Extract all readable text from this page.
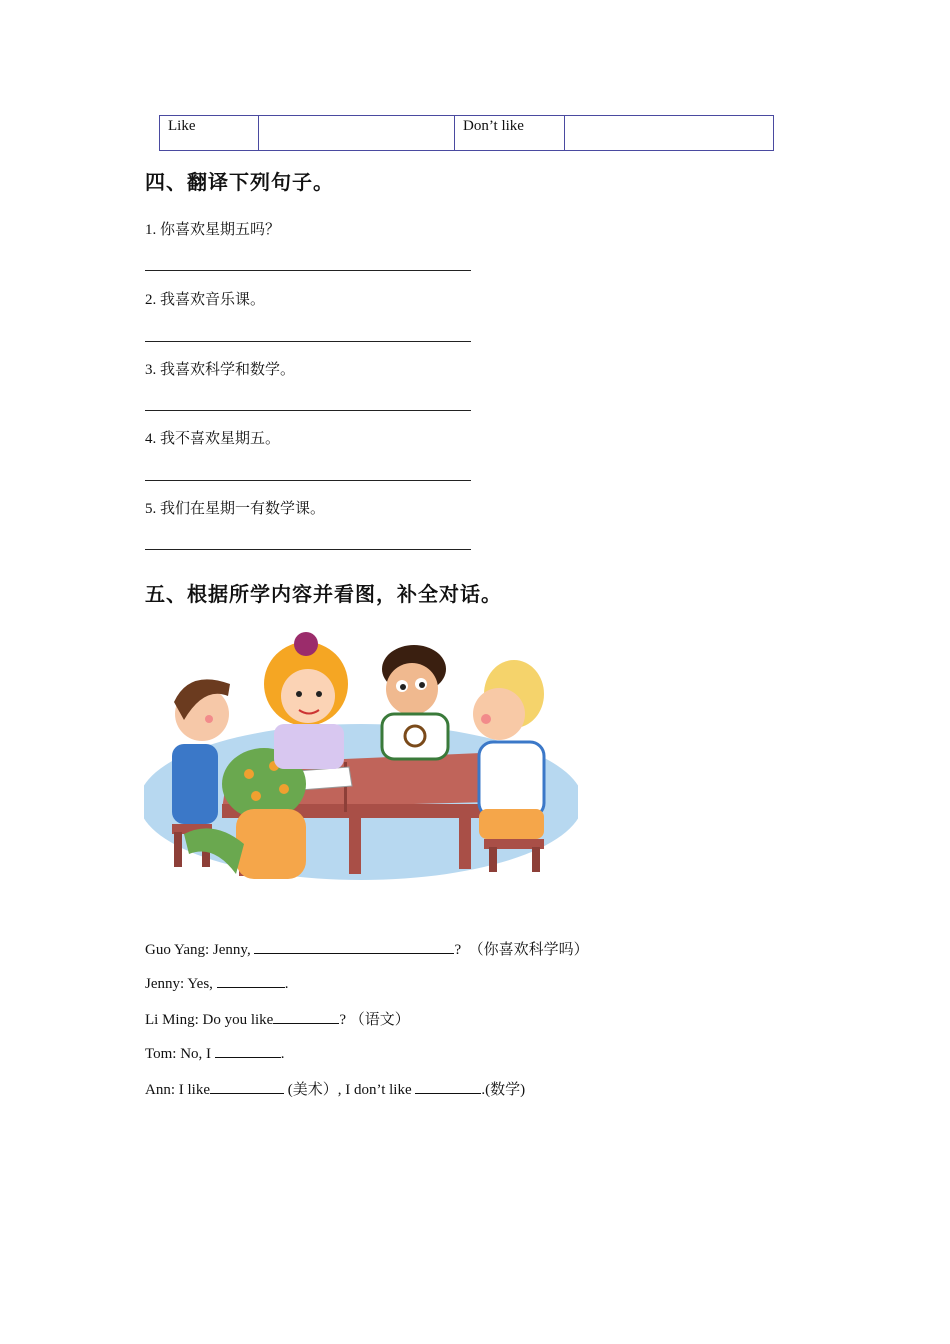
Like	Don’t like
四、翻译下列句子。
1. 你喜欢星期五吗？
2. 我喜欢音乐课。
3. 我喜欢科学和数学。
4. 我不喜欢星期五。
5. 我们在星期一有数学课。
五、根据所学内容并看图，补全对话。
Guo Yang: Jenny,	?  （你喜欢科学吗）
Jenny: Yes,	.
Li Ming: Do you like	? （语文）
Tom: No, I	.
Ann: I like	(美术）, I don’t like	.(数学)
